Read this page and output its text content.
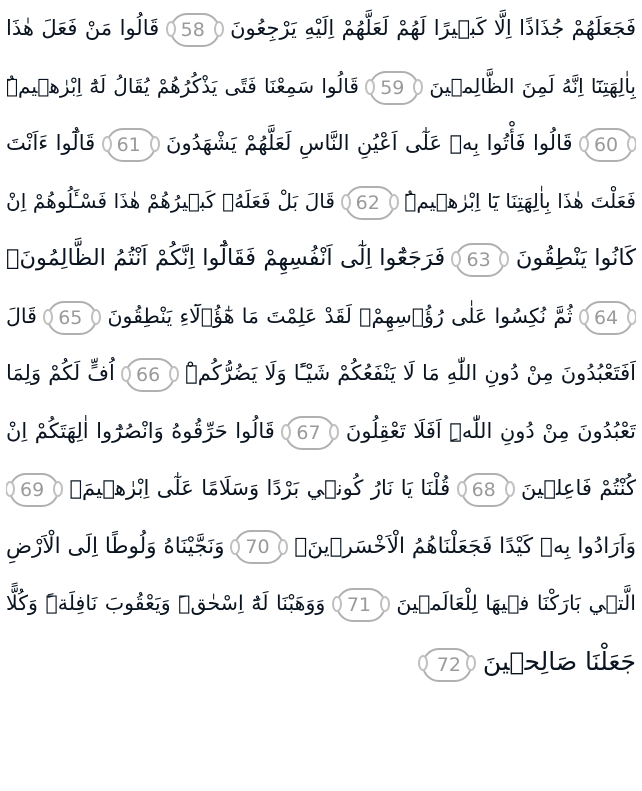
فَجَعَلَهُمْ جُذَاذًا اِلَّا كَب۪يرًا لَهُمْ لَعَلَّهُمْ اِلَيْهِ يَرْجِعُونَ 58 قَالُوا مَنْ فَعَلَ هٰذَا
بِاٰلِهَتِنَٓا اِنَّهُ لَمِنَ الظَّالِم۪ينَ 59 قَالُوا سَمِعْنَا فَتًى يَذْكُرُهُمْ يُقَالُ لَهُٓ اِبْرٰه۪يمُۜ
60 قَالُوا فَأْتُوا بِه۪ عَلٰٓى اَعْيُنِ النَّاسِ لَعَلَّهُمْ يَشْهَدُونَ 61 قَالُٓوا ءَاَنْتَ
فَعَلْتَ هٰذَا بِاٰلِهَتِنَا يَٓا اِبْرٰه۪يمُۜ 62 قَالَ بَلْ فَعَلَهُۗ كَب۪يرُهُمْ هٰذَا فَسْـَٔلُوهُمْ اِنْ
كَانُوا يَنْطِقُونَ 63 فَرَجَعُٓوا اِلٰٓى اَنْفُسِهِمْ فَقَالُٓوا اِنَّكُمْ اَنْتُمُ الظَّالِمُونَۙ
64 ثُمَّ نُكِسُوا عَلٰى رُؤُ۫سِهِمْۚ لَقَدْ عَلِمْتَ مَا هٰٓؤُ۬لَٓاءِ يَنْطِقُونَ 65 قَالَ
اَفَتَعْبُدُونَ مِنْ دُونِ اللّٰهِ مَا لَا يَنْفَعُكُمْ شَيْـًٔا وَلَا يَضُرُّكُمْۜ 66 اُفٍّ لَكُمْ وَلِمَا
تَعْبُدُونَ مِنْ دُونِ اللّٰهِۜ اَفَلَا تَعْقِلُونَ 67 قَالُوا حَرِّقُوهُ وَانْصُرُٓوا اٰلِهَتَكُمْ اِنْ
كُنْتُمْ فَاعِل۪ينَ 68 قُلْنَا يَا نَارُ كُون۪ي بَرْدًا وَسَلَامًا عَلٰٓى اِبْرٰه۪يمَۙ 69
وَاَرَادُوا بِه۪ كَيْدًا فَجَعَلْنَاهُمُ الْاَخْسَر۪ينَۚ 70 وَنَجَّيْنَاهُ وَلُوطًا اِلَى الْاَرْضِ
الَّت۪ي بَارَكْنَا ف۪يهَا لِلْعَالَم۪ينَ 71 وَوَهَبْنَا لَهُٓ اِسْحٰقَۜ وَيَعْقُوبَ نَافِلَةًۜ وَكُلًّا
جَعَلْنَا صَالِح۪ينَ 72
